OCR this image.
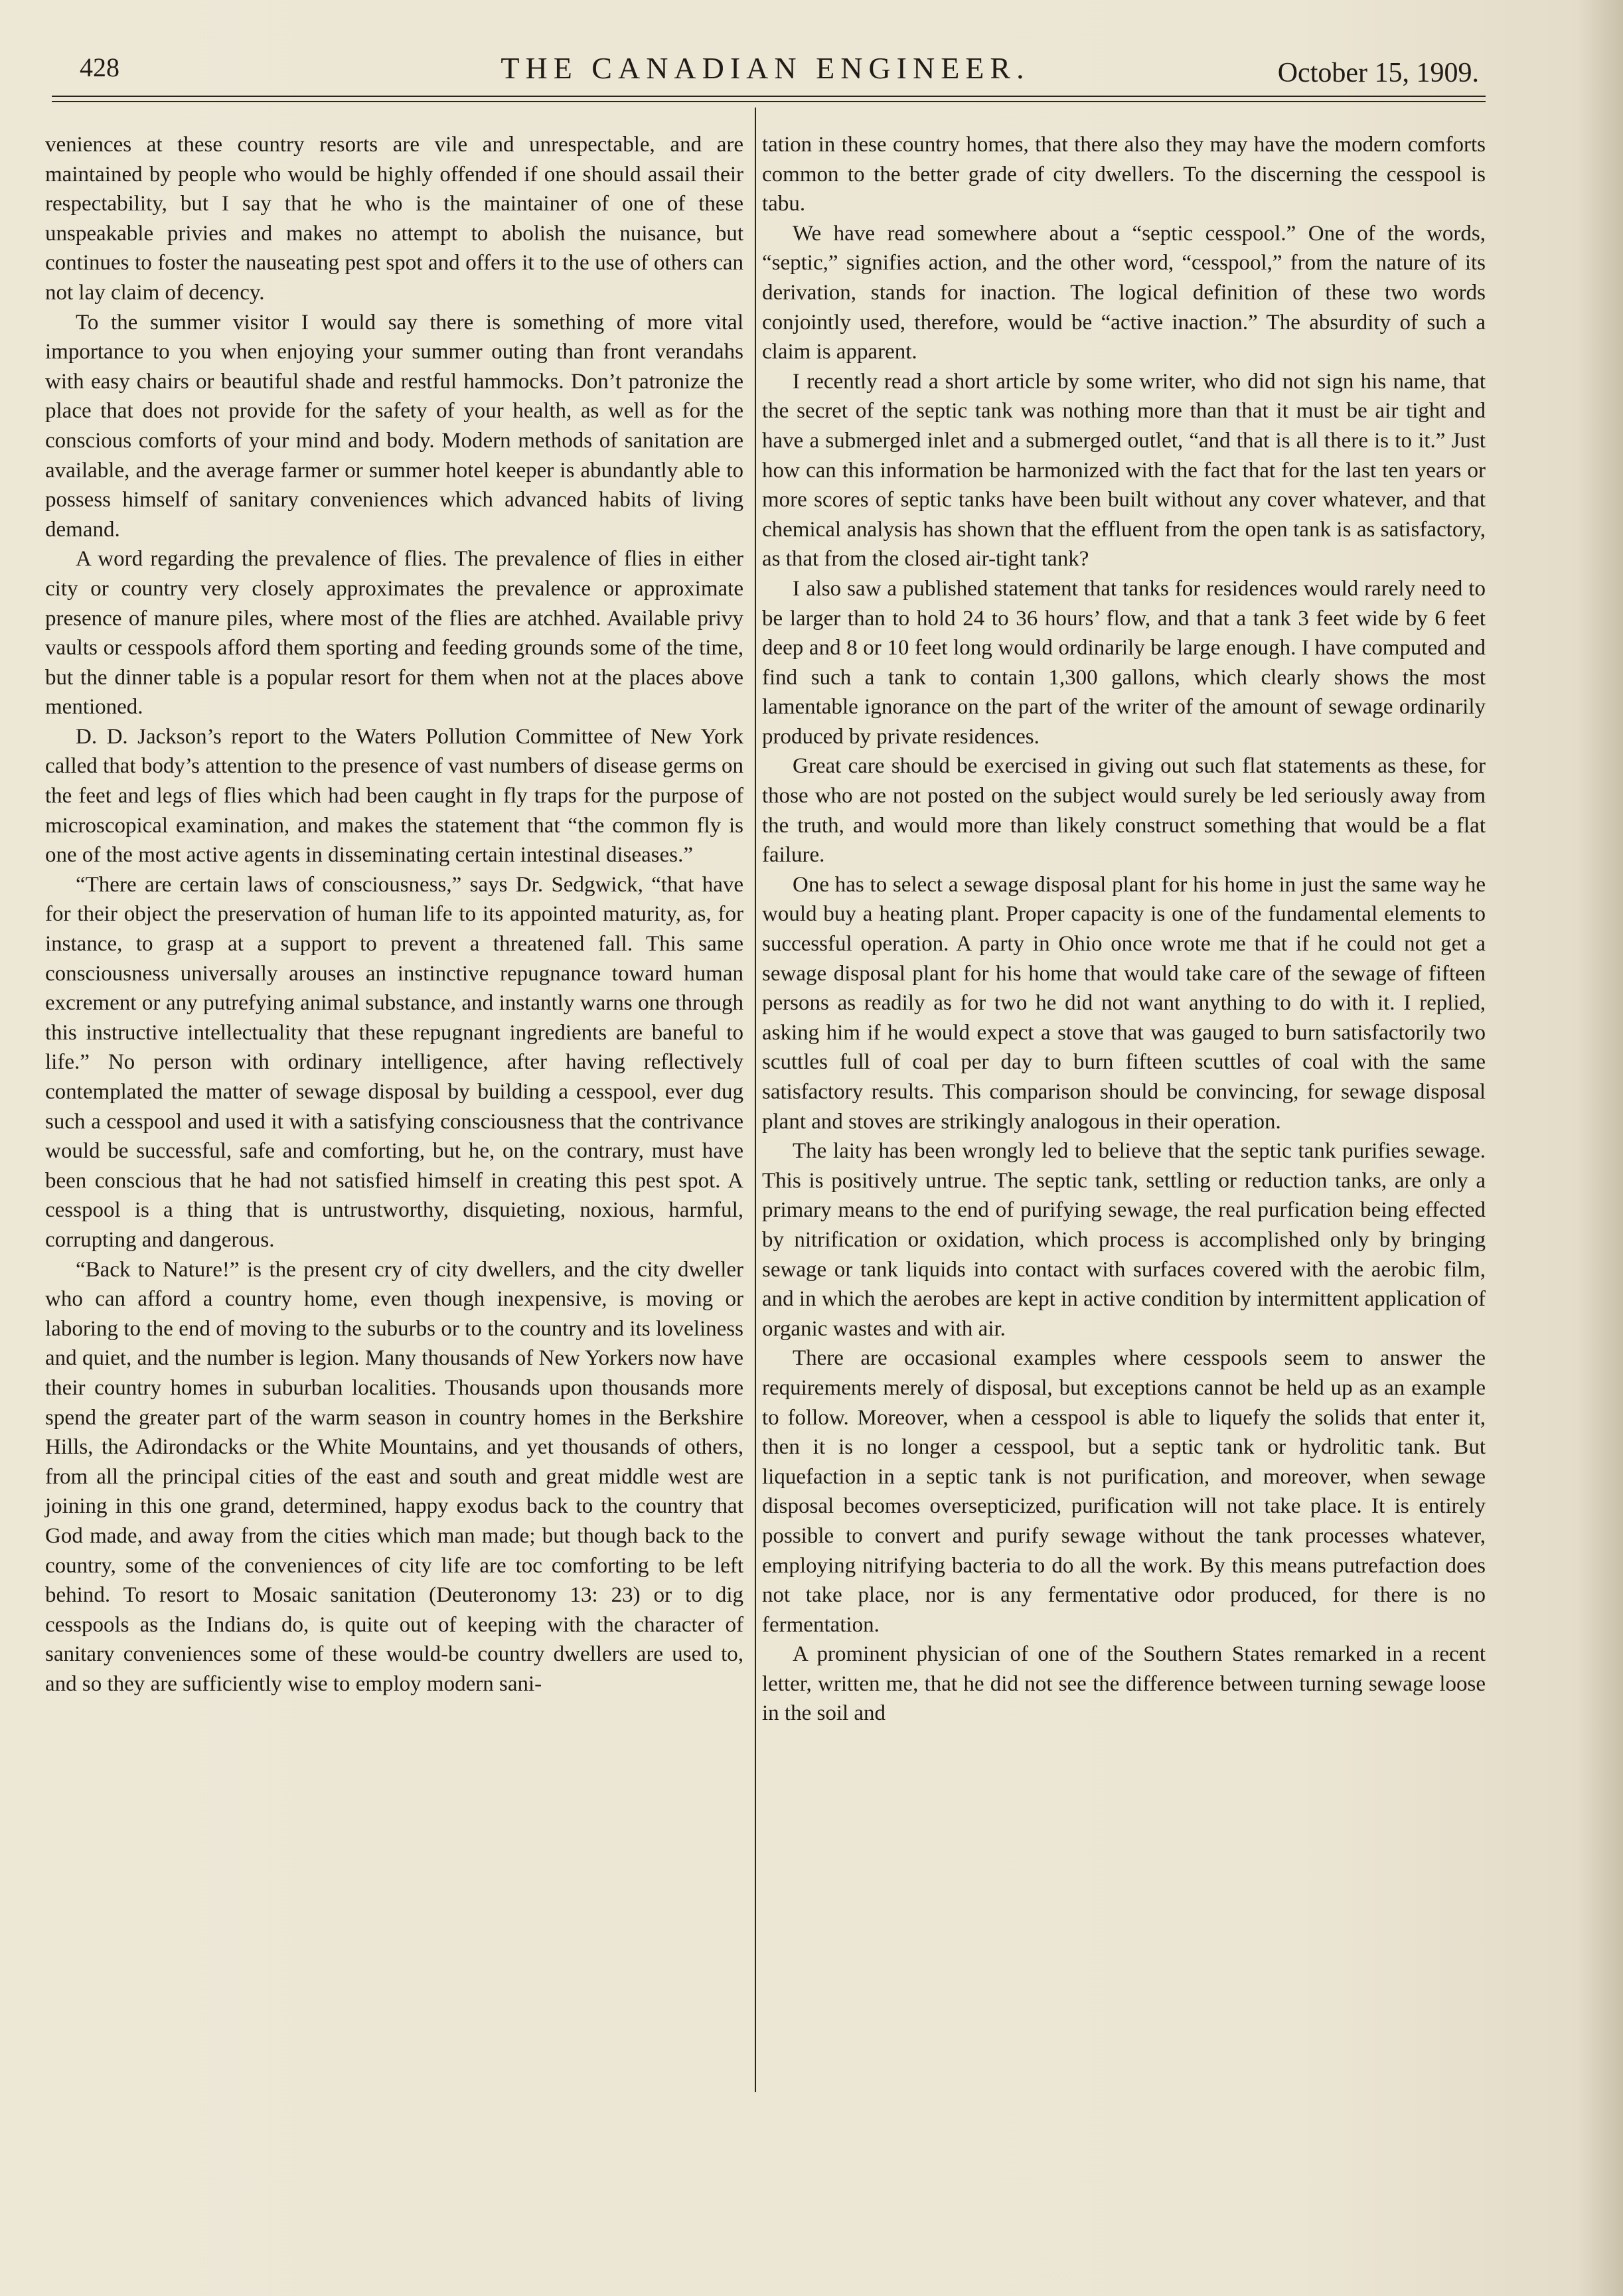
428	THE CANADIAN ENGINEER.	October 15, 1909.

veniences at these country resorts are vile and unrespectable, and are maintained by people who would be highly offended if one should assail their respectability, but I say that he who is the maintainer of one of these unspeakable privies and makes no attempt to abolish the nuisance, but continues to foster the nauseating pest spot and offers it to the use of others can not lay claim of decency.

To the summer visitor I would say there is something of more vital importance to you when enjoying your summer outing than front verandahs with easy chairs or beautiful shade and restful hammocks. Don’t patronize the place that does not provide for the safety of your health, as well as for the conscious comforts of your mind and body. Modern methods of sanitation are available, and the average farmer or summer hotel keeper is abundantly able to possess himself of sanitary conveniences which advanced habits of living demand.

A word regarding the prevalence of flies. The prevalence of flies in either city or country very closely approximates the prevalence or approximate presence of manure piles, where most of the flies are atchhed. Available privy vaults or cesspools afford them sporting and feeding grounds some of the time, but the dinner table is a popular resort for them when not at the places above mentioned.

D. D. Jackson’s report to the Waters Pollution Committee of New York called that body’s attention to the presence of vast numbers of disease germs on the feet and legs of flies which had been caught in fly traps for the purpose of microscopical examination, and makes the statement that “the common fly is one of the most active agents in disseminating certain intestinal diseases.”

“There are certain laws of consciousness,” says Dr. Sedgwick, “that have for their object the preservation of human life to its appointed maturity, as, for instance, to grasp at a support to prevent a threatened fall. This same consciousness universally arouses an instinctive repugnance toward human excrement or any putrefying animal substance, and instantly warns one through this instructive intellectuality that these repugnant ingredients are baneful to life.” No person with ordinary intelligence, after having reflectively contemplated the matter of sewage disposal by building a cesspool, ever dug such a cesspool and used it with a satisfying consciousness that the contrivance would be successful, safe and comforting, but he, on the contrary, must have been conscious that he had not satisfied himself in creating this pest spot. A cesspool is a thing that is untrustworthy, disquieting, noxious, harmful, corrupting and dangerous.

“Back to Nature!” is the present cry of city dwellers, and the city dweller who can afford a country home, even though inexpensive, is moving or laboring to the end of moving to the suburbs or to the country and its loveliness and quiet, and the number is legion. Many thousands of New Yorkers now have their country homes in suburban localities. Thousands upon thousands more spend the greater part of the warm season in country homes in the Berkshire Hills, the Adirondacks or the White Mountains, and yet thousands of others, from all the principal cities of the east and south and great middle west are joining in this one grand, determined, happy exodus back to the country that God made, and away from the cities which man made; but though back to the country, some of the conveniences of city life are toc comforting to be left behind. To resort to Mosaic sanitation (Deuteronomy 13: 23) or to dig cesspools as the Indians do, is quite out of keeping with the character of sanitary conveniences some of these would-be country dwellers are used to, and so they are sufficiently wise to employ modern sani-

tation in these country homes, that there also they may have the modern comforts common to the better grade of city dwellers. To the discerning the cesspool is tabu.

We have read somewhere about a “septic cesspool.” One of the words, “septic,” signifies action, and the other word, “cesspool,” from the nature of its derivation, stands for inaction. The logical definition of these two words conjointly used, therefore, would be “active inaction.” The absurdity of such a claim is apparent.

I recently read a short article by some writer, who did not sign his name, that the secret of the septic tank was nothing more than that it must be air tight and have a submerged inlet and a submerged outlet, “and that is all there is to it.” Just how can this information be harmonized with the fact that for the last ten years or more scores of septic tanks have been built without any cover whatever, and that chemical analysis has shown that the effluent from the open tank is as satisfactory, as that from the closed air-tight tank?

I also saw a published statement that tanks for residences would rarely need to be larger than to hold 24 to 36 hours’ flow, and that a tank 3 feet wide by 6 feet deep and 8 or 10 feet long would ordinarily be large enough. I have computed and find such a tank to contain 1,300 gallons, which clearly shows the most lamentable ignorance on the part of the writer of the amount of sewage ordinarily produced by private residences.

Great care should be exercised in giving out such flat statements as these, for those who are not posted on the subject would surely be led seriously away from the truth, and would more than likely construct something that would be a flat failure.

One has to select a sewage disposal plant for his home in just the same way he would buy a heating plant. Proper capacity is one of the fundamental elements to successful operation. A party in Ohio once wrote me that if he could not get a sewage disposal plant for his home that would take care of the sewage of fifteen persons as readily as for two he did not want anything to do with it. I replied, asking him if he would expect a stove that was gauged to burn satisfactorily two scuttles full of coal per day to burn fifteen scuttles of coal with the same satisfactory results. This comparison should be convincing, for sewage disposal plant and stoves are strikingly analogous in their operation.

The laity has been wrongly led to believe that the septic tank purifies sewage. This is positively untrue. The septic tank, settling or reduction tanks, are only a primary means to the end of purifying sewage, the real purfication being effected by nitrification or oxidation, which process is accomplished only by bringing sewage or tank liquids into contact with surfaces covered with the aerobic film, and in which the aerobes are kept in active condition by intermittent application of organic wastes and with air.

There are occasional examples where cesspools seem to answer the requirements merely of disposal, but exceptions cannot be held up as an example to follow. Moreover, when a cesspool is able to liquefy the solids that enter it, then it is no longer a cesspool, but a septic tank or hydrolitic tank. But liquefaction in a septic tank is not purification, and moreover, when sewage disposal becomes oversepticized, purification will not take place. It is entirely possible to convert and purify sewage without the tank processes whatever, employing nitrifying bacteria to do all the work. By this means putrefaction does not take place, nor is any fermentative odor produced, for there is no fermentation.

A prominent physician of one of the Southern States remarked in a recent letter, written me, that he did not see the difference between turning sewage loose in the soil and
